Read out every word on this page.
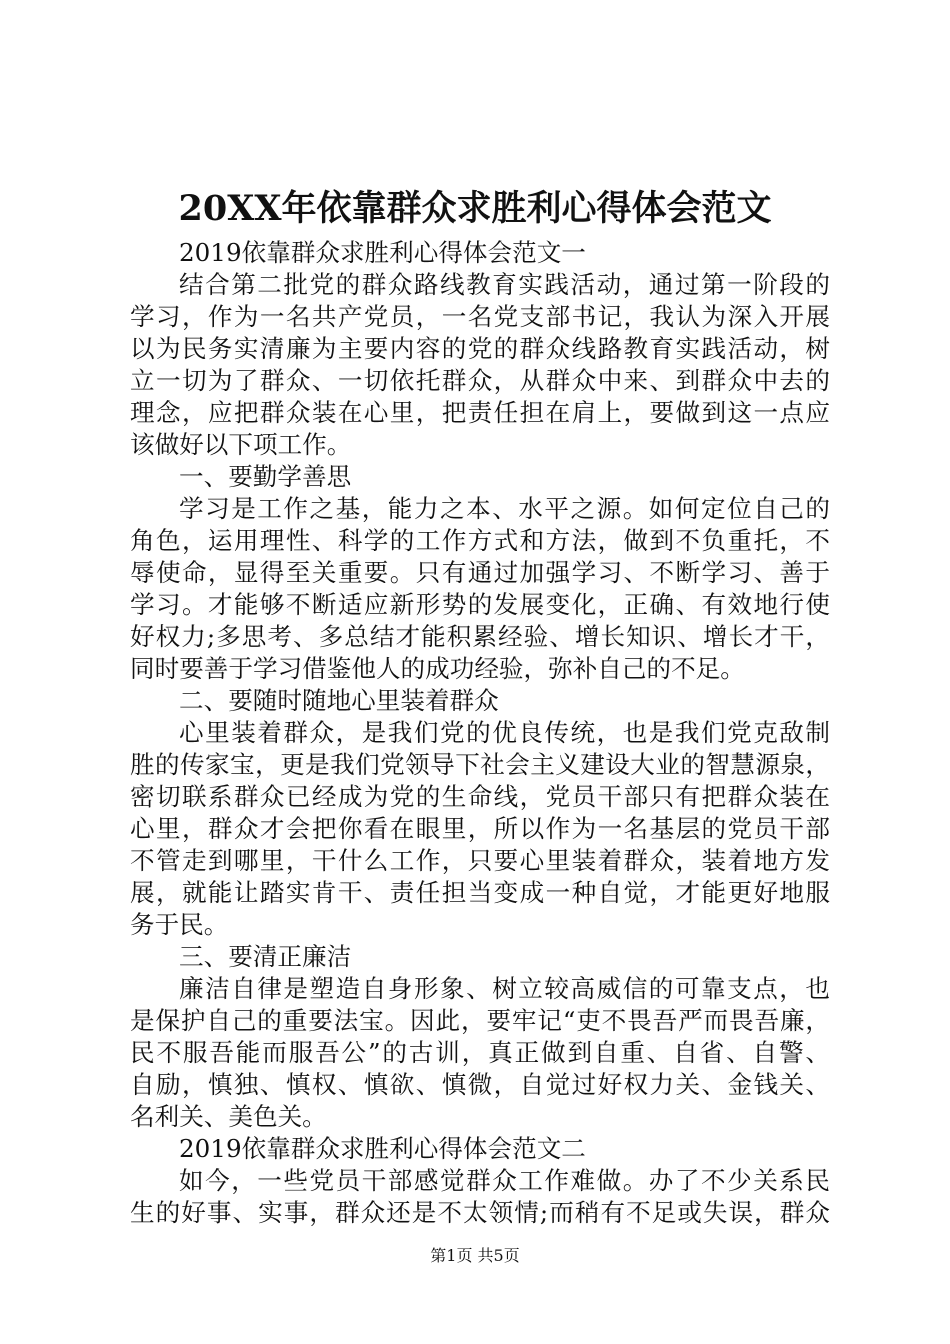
20XX年依靠群众求胜利心得体会范文
2019依靠群众求胜利心得体会范文一
结合第二批党的群众路线教育实践活动，通过第一阶段的
学习，作为一名共产党员，一名党支部书记，我认为深入开展
以为民务实清廉为主要内容的党的群众线路教育实践活动，树
立一切为了群众、一切依托群众，从群众中来、到群众中去的
理念，应把群众装在心里，把责任担在肩上，要做到这一点应
该做好以下项工作。
一、要勤学善思
学习是工作之基，能力之本、水平之源。如何定位自己的
角色，运用理性、科学的工作方式和方法，做到不负重托，不
辱使命，显得至关重要。只有通过加强学习、不断学习、善于
学习。才能够不断适应新形势的发展变化，正确、有效地行使
好权力;多思考、多总结才能积累经验、增长知识、增长才干，
同时要善于学习借鉴他人的成功经验，弥补自己的不足。
二、要随时随地心里装着群众
心里装着群众，是我们党的优良传统，也是我们党克敌制
胜的传家宝，更是我们党领导下社会主义建设大业的智慧源泉，
密切联系群众已经成为党的生命线，党员干部只有把群众装在
心里，群众才会把你看在眼里，所以作为一名基层的党员干部
不管走到哪里，干什么工作，只要心里装着群众，装着地方发
展，就能让踏实肯干、责任担当变成一种自觉，才能更好地服
务于民。
三、要清正廉洁
廉洁自律是塑造自身形象、树立较高威信的可靠支点，也
是保护自己的重要法宝。因此，要牢记“吏不畏吾严而畏吾廉，
民不服吾能而服吾公”的古训，真正做到自重、自省、自警、
自励，慎独、慎权、慎欲、慎微，自觉过好权力关、金钱关、
名利关、美色关。
2019依靠群众求胜利心得体会范文二
如今，一些党员干部感觉群众工作难做。办了不少关系民
生的好事、实事，群众还是不太领情;而稍有不足或失误，群众
第1页 共5页
